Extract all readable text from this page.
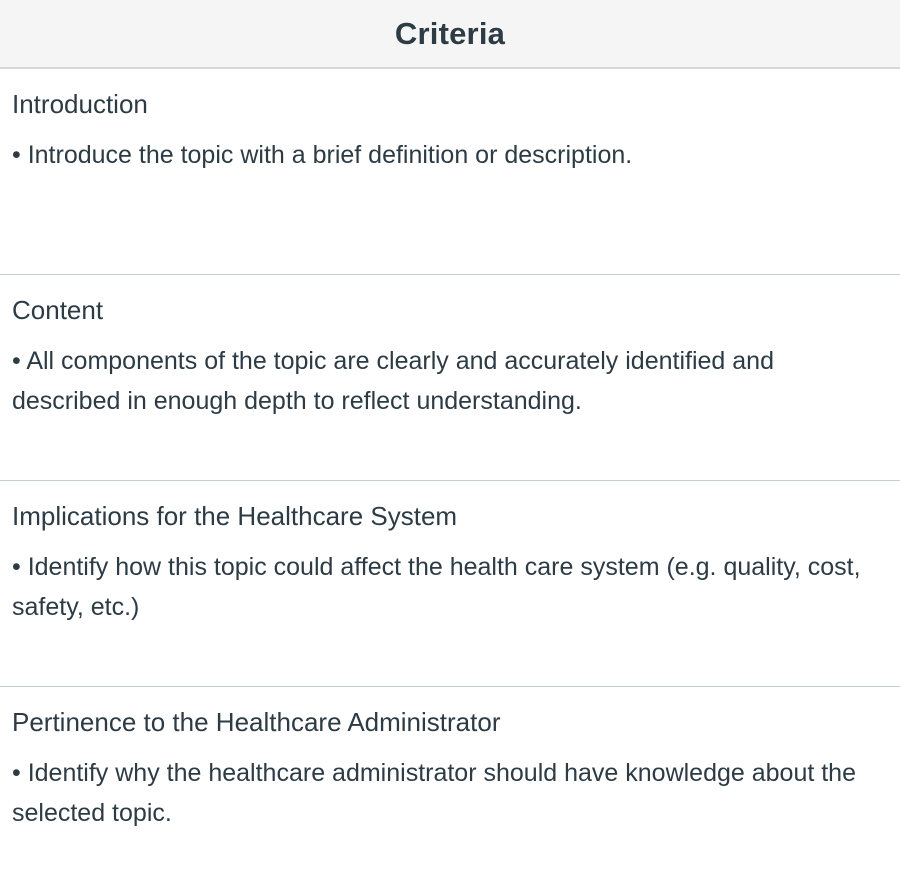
Criteria

Introduction

• Introduce the topic with a brief definition or description.

Content

• All components of the topic are clearly and accurately identified and described in enough depth to reflect understanding.

Implications for the Healthcare System

• Identify how this topic could affect the health care system (e.g. quality, cost, safety, etc.)

Pertinence to the Healthcare Administrator

• Identify why the healthcare administrator should have knowledge about the selected topic.
